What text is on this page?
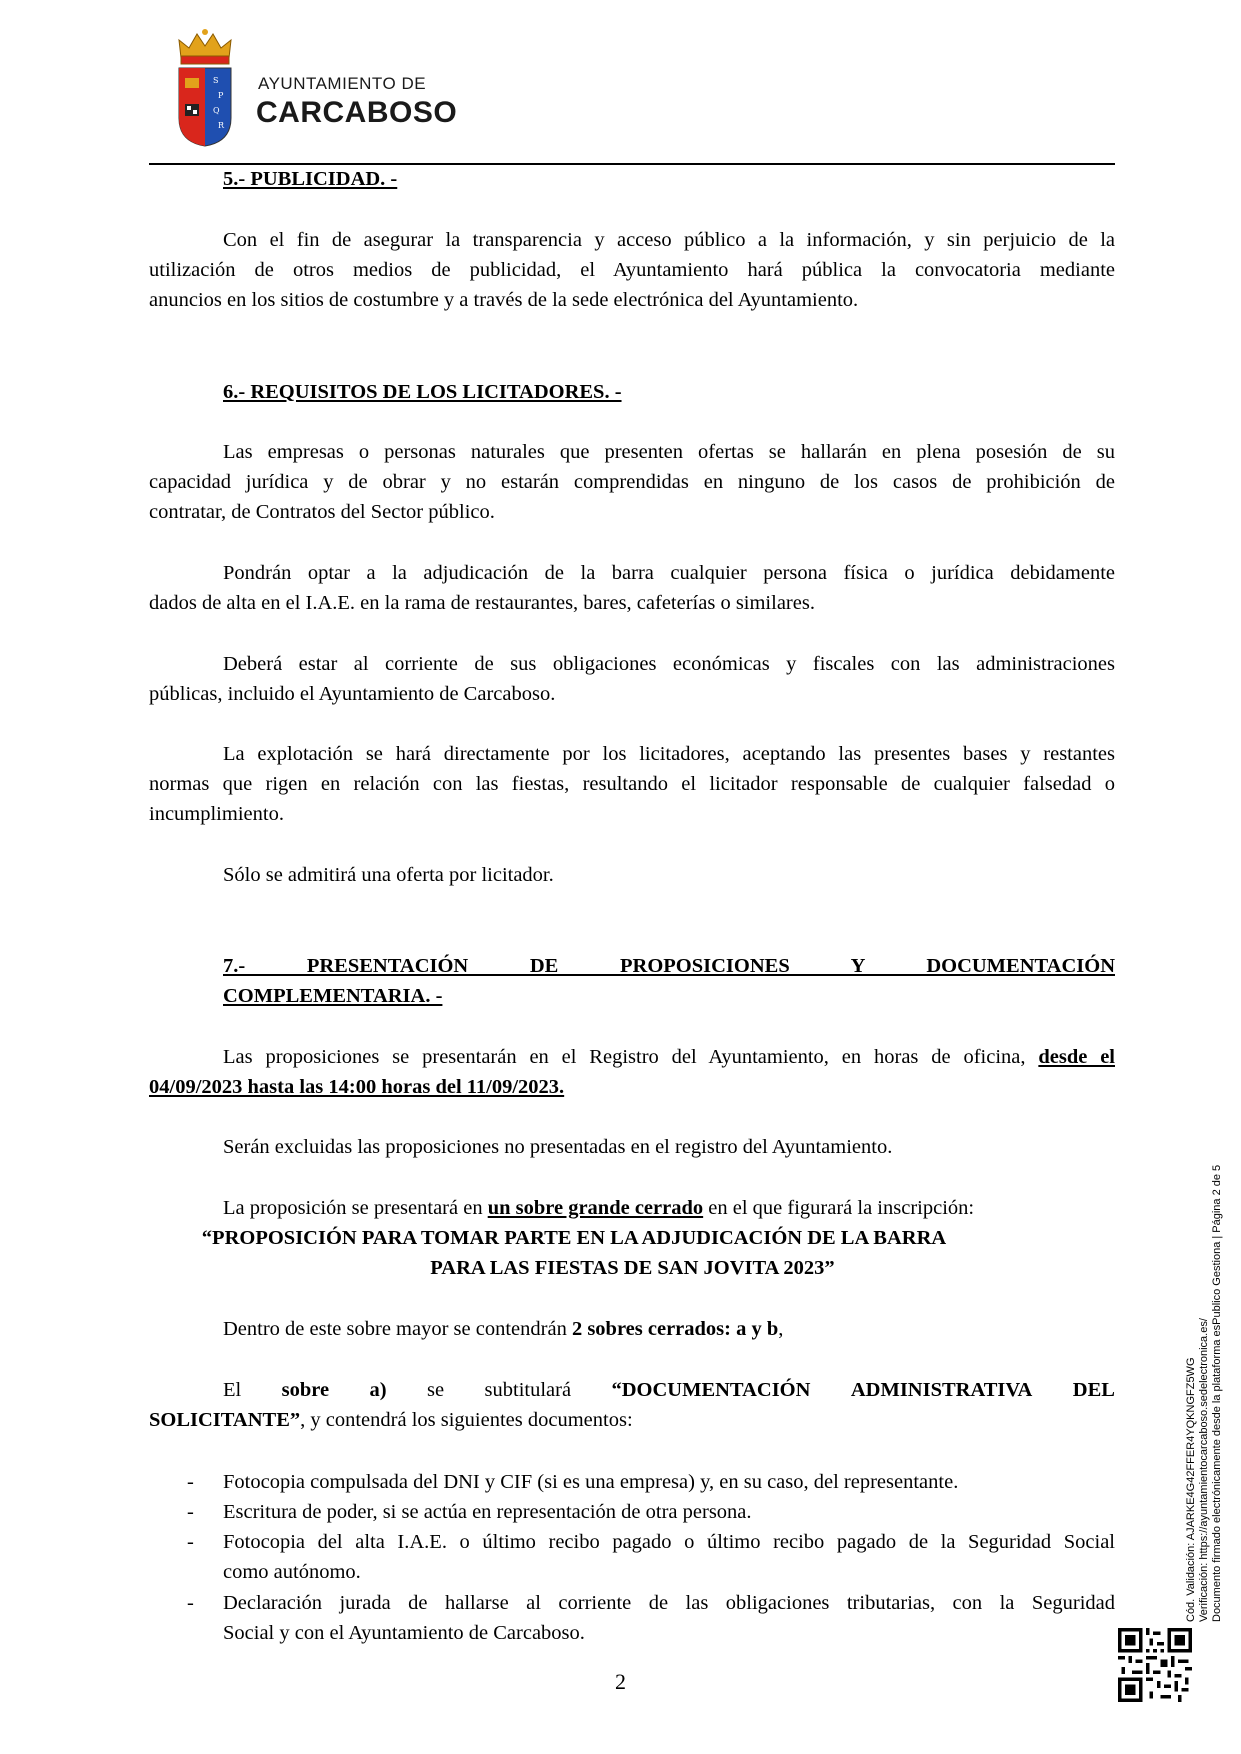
S
P
Q
R
AYUNTAMIENTO DE
CARCABOSO
5.- PUBLICIDAD. -
Con el fin de asegurar la transparencia y acceso público a la información, y sin perjuicio de la
utilización de otros medios de publicidad, el Ayuntamiento hará pública la convocatoria mediante
anuncios en los sitios de costumbre y a través de la sede electrónica del Ayuntamiento.
6.- REQUISITOS DE LOS LICITADORES. -
Las empresas o personas naturales que presenten ofertas se hallarán en plena posesión de su
capacidad jurídica y de obrar y no estarán comprendidas en ninguno de los casos de prohibición de
contratar, de Contratos del Sector público.
Pondrán optar a la adjudicación de la barra cualquier persona física o jurídica debidamente
dados de alta en el I.A.E. en la rama de restaurantes, bares, cafeterías o similares.
Deberá estar al corriente de sus obligaciones económicas y fiscales con las administraciones
públicas, incluido el Ayuntamiento de Carcaboso.
La explotación se hará directamente por los licitadores, aceptando las presentes bases y restantes
normas que rigen en relación con las fiestas, resultando el licitador responsable de cualquier falsedad o
incumplimiento.
Sólo se admitirá una oferta por licitador.
7.- PRESENTACIÓN DE PROPOSICIONES Y DOCUMENTACIÓN
COMPLEMENTARIA. -
Las proposiciones se presentarán en el Registro del Ayuntamiento, en horas de oficina, desde el
04/09/2023 hasta las 14:00 horas del 11/09/2023.
Serán excluidas las proposiciones no presentadas en el registro del Ayuntamiento.
La proposición se presentará en un sobre grande cerrado en el que figurará la inscripción:
“PROPOSICIÓN PARA TOMAR PARTE EN LA ADJUDICACIÓN DE LA BARRA
PARA LAS FIESTAS DE SAN JOVITA 2023”
Dentro de este sobre mayor se contendrán 2 sobres cerrados: a y b,
El sobre a) se subtitulará “DOCUMENTACIÓN ADMINISTRATIVA DEL
SOLICITANTE”, y contendrá los siguientes documentos:
- Fotocopia compulsada del DNI y CIF (si es una empresa) y, en su caso, del representante.
- Escritura de poder, si se actúa en representación de otra persona.
- Fotocopia del alta I.A.E. o último recibo pagado o último recibo pagado de la Seguridad Social
como autónomo.
- Declaración jurada de hallarse al corriente de las obligaciones tributarias, con la Seguridad
Social y con el Ayuntamiento de Carcaboso.
2
Cód. Validación: AJARKE4G42FFER4YQKNGFZ5WG Verificación: https://ayuntamientocarcaboso.sedelectronica.es/ Documento firmado electrónicamente desde la plataforma esPublico Gestiona | Página 2 de 5
